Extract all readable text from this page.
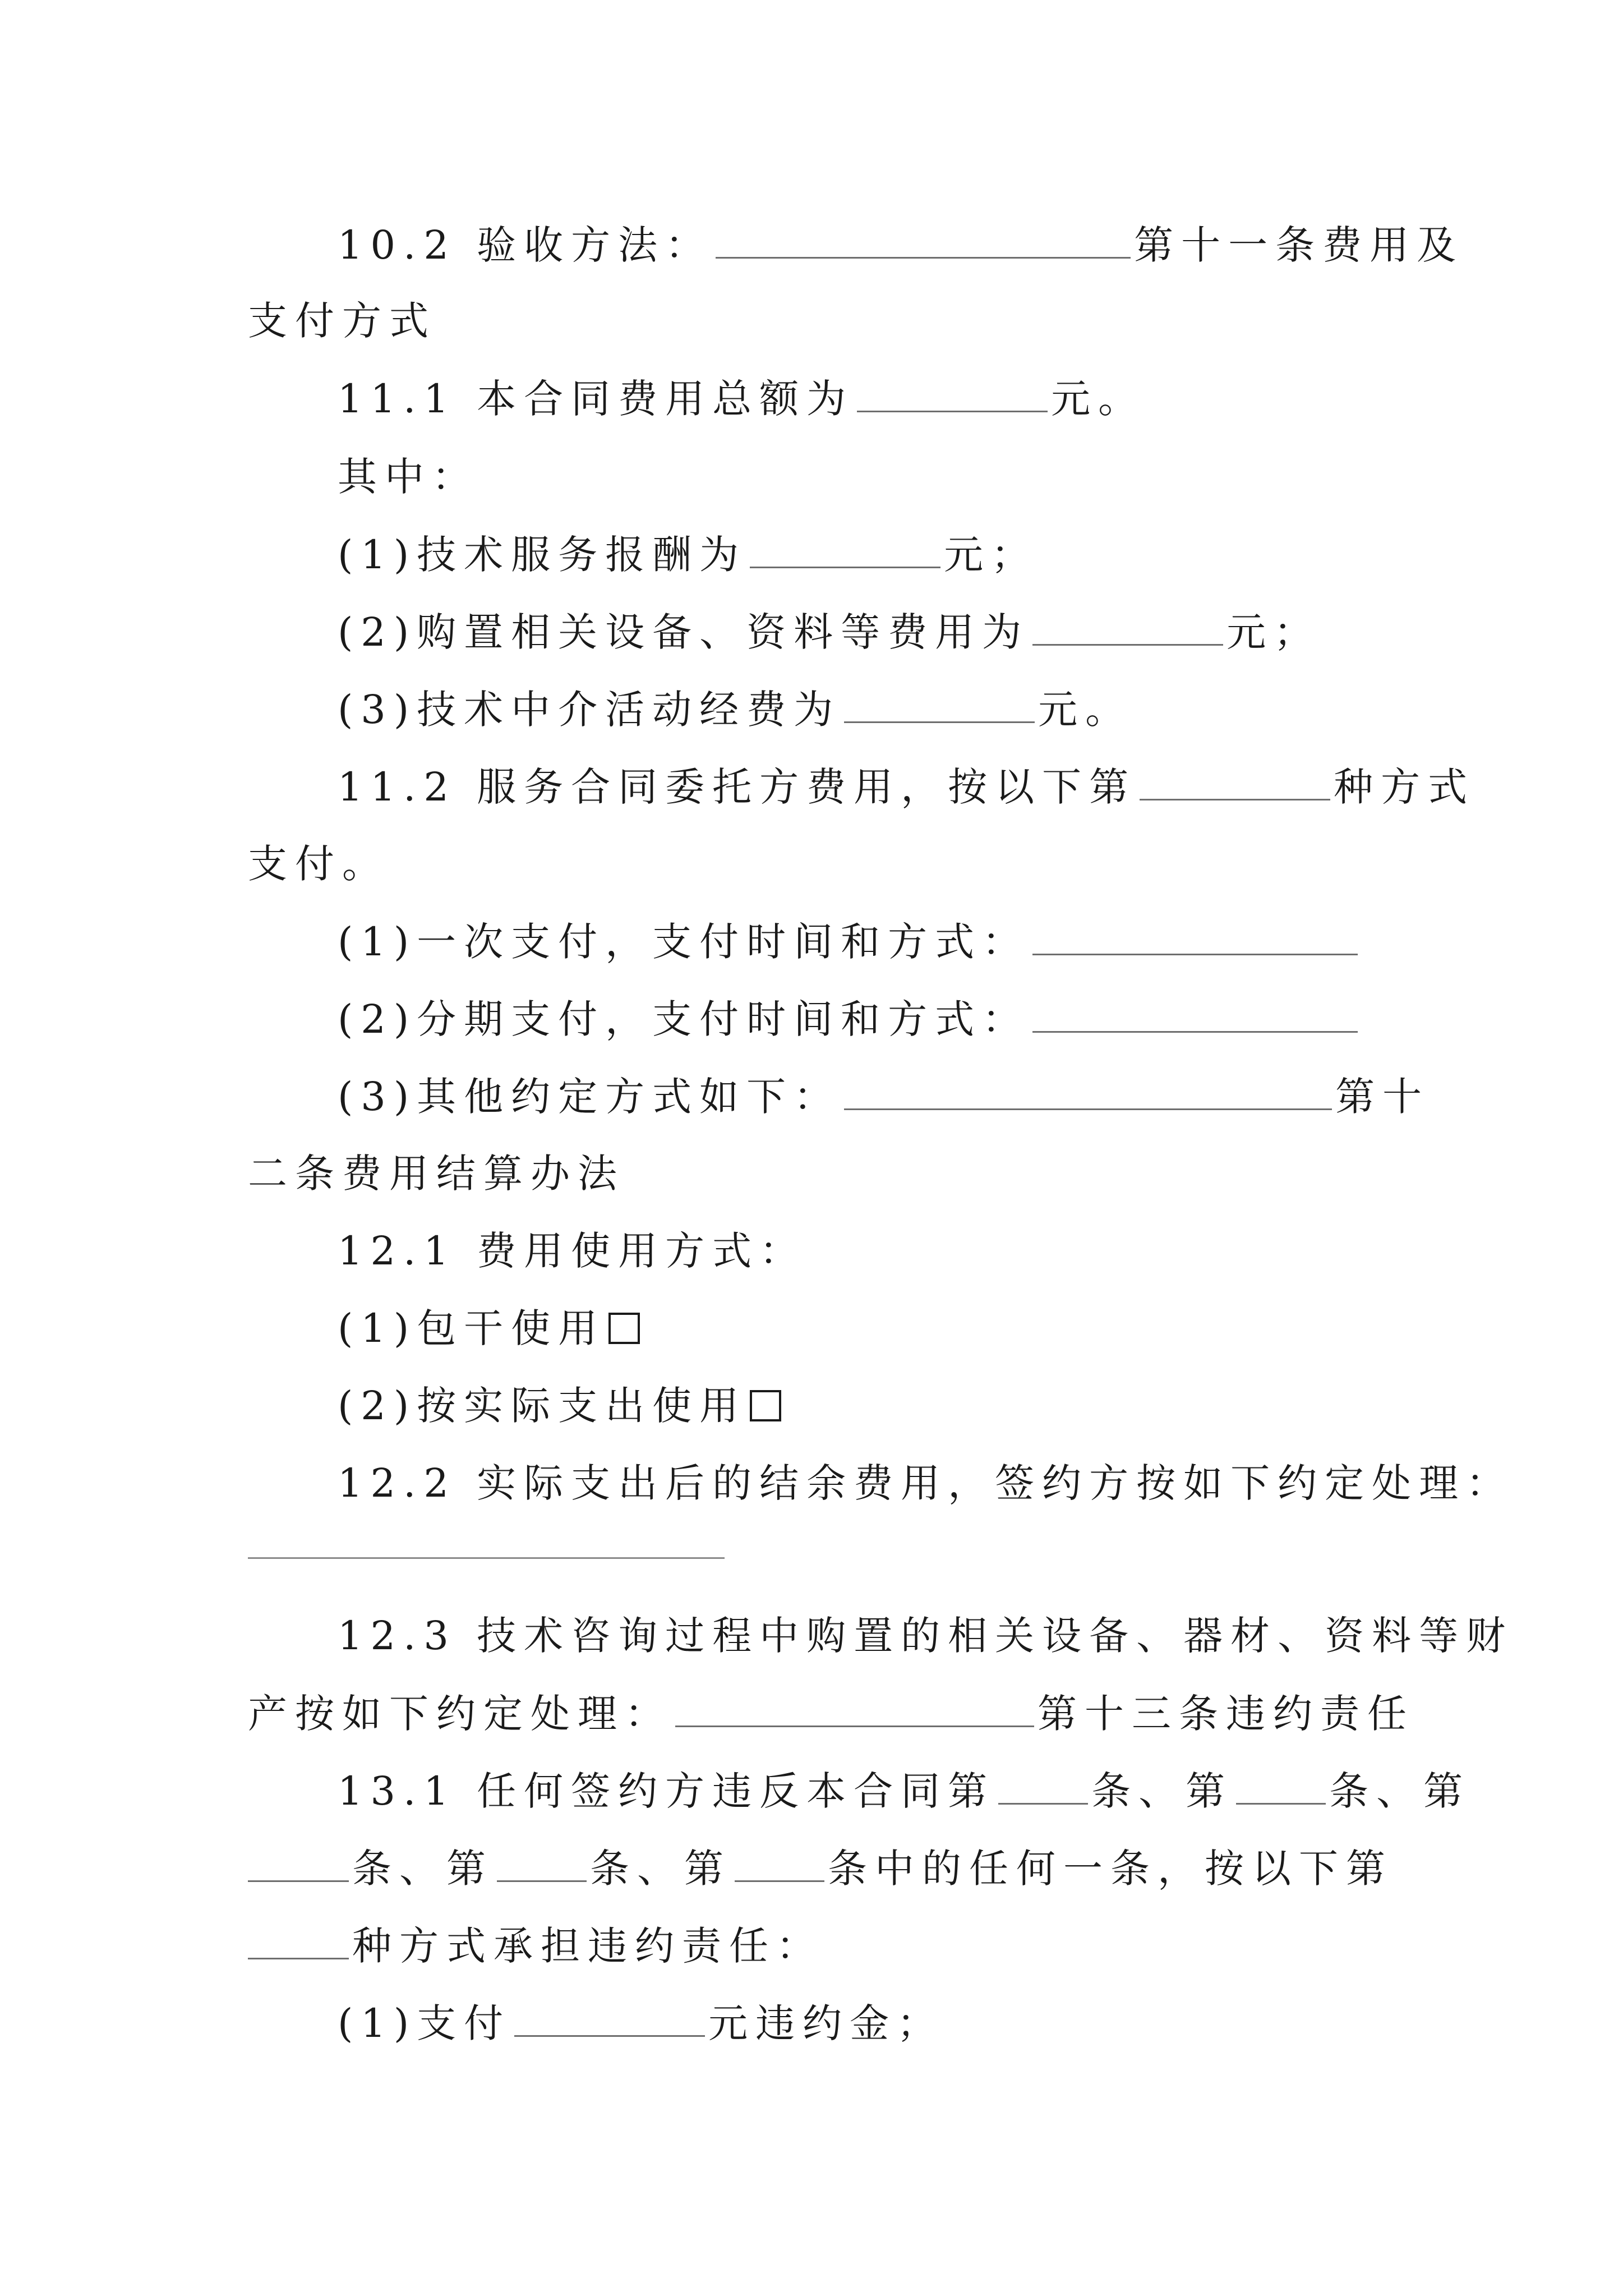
10.2 验收方法：	第十一条费用及
支付方式
11.1 本合同费用总额为	元。
其中：
(1)技术服务报酬为	元；
(2)购置相关设备、资料等费用为	元；
(3)技术中介活动经费为	元。
11.2 服务合同委托方费用，按以下第	种方式
支付。
(1)一次支付，支付时间和方式：
(2)分期支付，支付时间和方式：
(3)其他约定方式如下：	第十
二条费用结算办法
12.1 费用使用方式：
(1)包干使用
(2)按实际支出使用
12.2 实际支出后的结余费用，签约方按如下约定处理：
12.3 技术咨询过程中购置的相关设备、器材、资料等财
产按如下约定处理：	第十三条违约责任
13.1 任何签约方违反本合同第 条、第 条、第
条、第 条、第 条中的任何一条，按以下第
种方式承担违约责任：
(1)支付	元违约金；
